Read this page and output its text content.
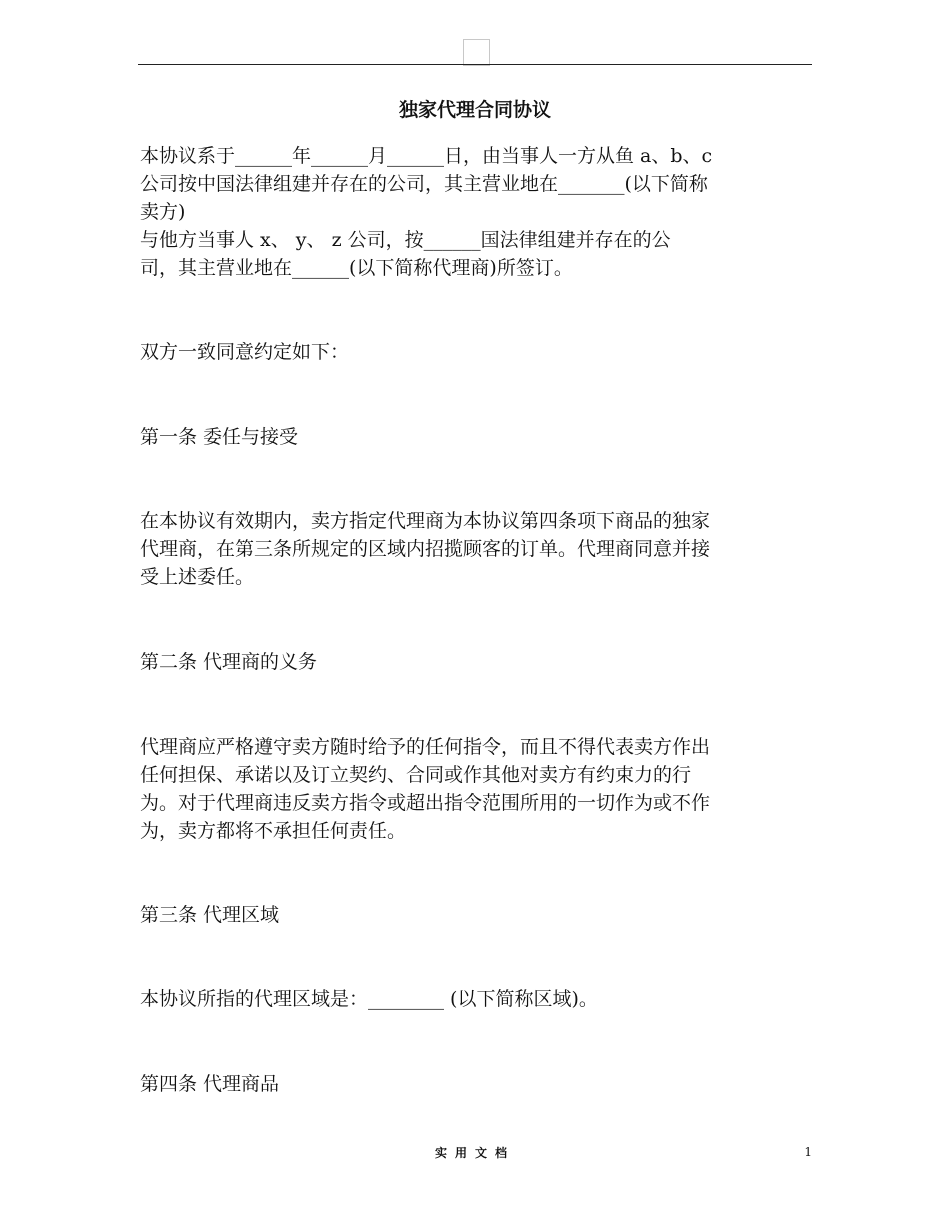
独家代理合同协议
本协议系于______年______月______日，由当事人一方从鱼 a、b、c
公司按中国法律组建并存在的公司，其主营业地在_______(以下简称
卖方)
与他方当事人 x、 y、 z 公司，按______国法律组建并存在的公
司，其主营业地在______(以下简称代理商)所签订。
双方一致同意约定如下：
第一条 委任与接受
在本协议有效期内，卖方指定代理商为本协议第四条项下商品的独家
代理商，在第三条所规定的区域内招揽顾客的订单。代理商同意并接
受上述委任。
第二条 代理商的义务
代理商应严格遵守卖方随时给予的任何指令，而且不得代表卖方作出
任何担保、承诺以及订立契约、合同或作其他对卖方有约束力的行
为。对于代理商违反卖方指令或超出指令范围所用的一切作为或不作
为，卖方都将不承担任何责任。
第三条 代理区域
本协议所指的代理区域是：________ (以下简称区域)。
第四条 代理商品
实用文档	1
